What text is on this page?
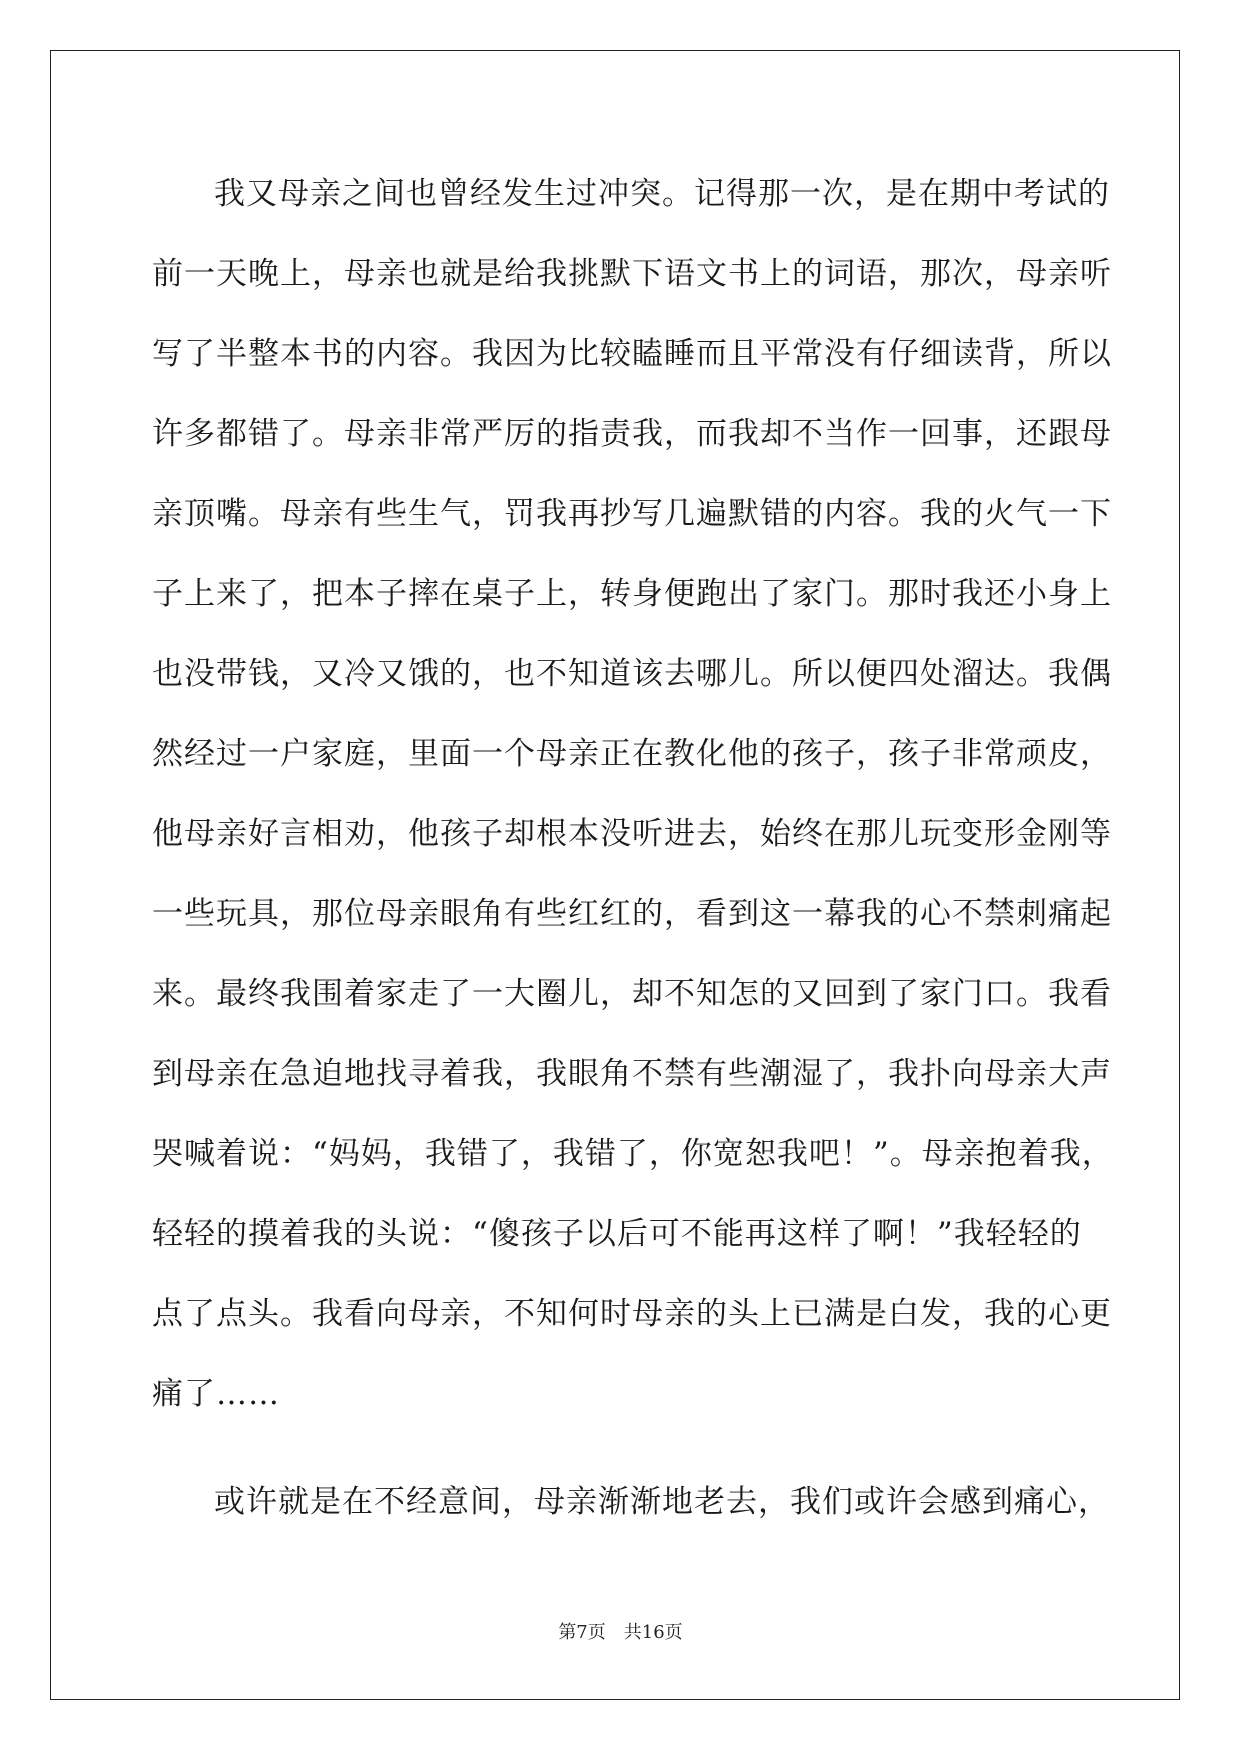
我又母亲之间也曾经发生过冲突。记得那一次，是在期中考试的
前一天晚上，母亲也就是给我挑默下语文书上的词语，那次，母亲听
写了半整本书的内容。我因为比较瞌睡而且平常没有仔细读背，所以
许多都错了。母亲非常严厉的指责我，而我却不当作一回事，还跟母
亲顶嘴。母亲有些生气，罚我再抄写几遍默错的内容。我的火气一下
子上来了，把本子摔在桌子上，转身便跑出了家门。那时我还小身上
也没带钱，又冷又饿的，也不知道该去哪儿。所以便四处溜达。我偶
然经过一户家庭，里面一个母亲正在教化他的孩子，孩子非常顽皮，
他母亲好言相劝，他孩子却根本没听进去，始终在那儿玩变形金刚等
一些玩具，那位母亲眼角有些红红的，看到这一幕我的心不禁刺痛起
来。最终我围着家走了一大圈儿，却不知怎的又回到了家门口。我看
到母亲在急迫地找寻着我，我眼角不禁有些潮湿了，我扑向母亲大声
哭喊着说：“妈妈，我错了，我错了，你宽恕我吧！”。母亲抱着我，
轻轻的摸着我的头说：“傻孩子以后可不能再这样了啊！”我轻轻的
点了点头。我看向母亲，不知何时母亲的头上已满是白发，我的心更
痛了……
或许就是在不经意间，母亲渐渐地老去，我们或许会感到痛心，
第7页 共16页
